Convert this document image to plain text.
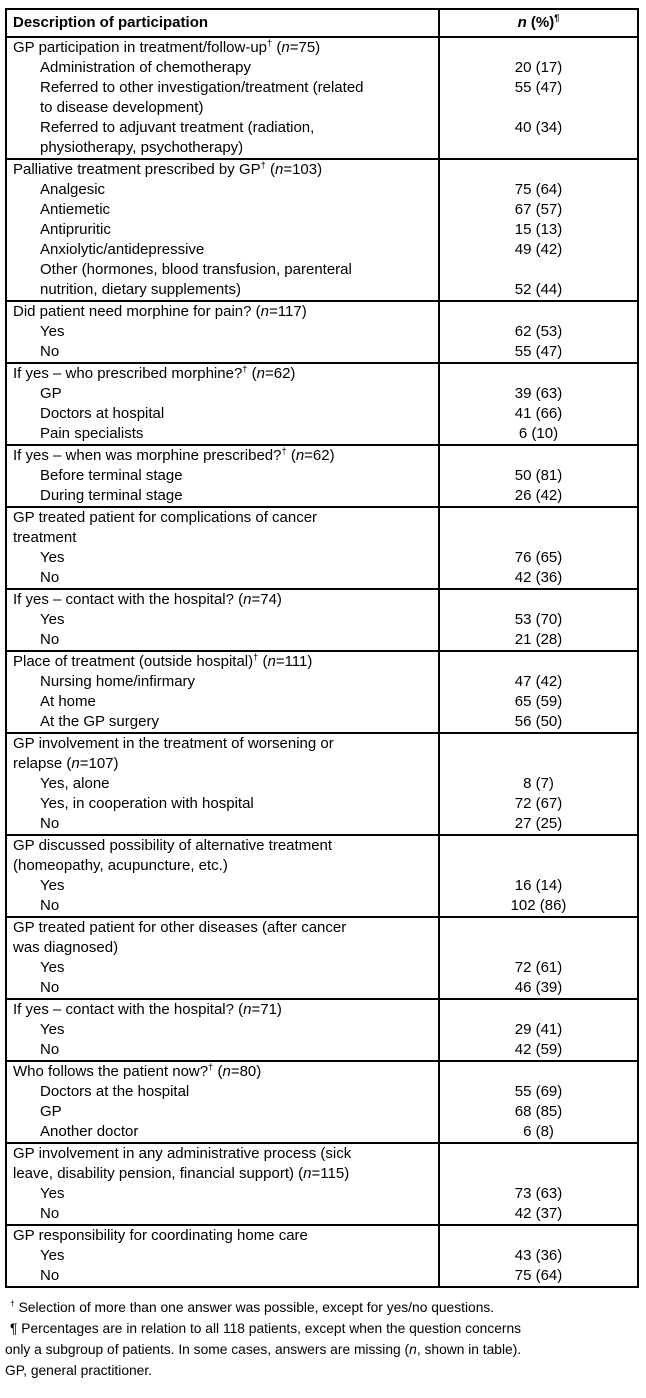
Description of participation	n (%)¶
GP participation in treatment/follow-up† (n=75)
Administration of chemotherapy	20 (17)
Referred to other investigation/treatment (related	55 (47)
to disease development)
Referred to adjuvant treatment (radiation,	40 (34)
physiotherapy, psychotherapy)
Palliative treatment prescribed by GP† (n=103)
Analgesic	75 (64)
Antiemetic	67 (57)
Antipruritic	15 (13)
Anxiolytic/antidepressive	49 (42)
Other (hormones, blood transfusion, parenteral
nutrition, dietary supplements)	52 (44)
Did patient need morphine for pain? (n=117)
Yes	62 (53)
No	55 (47)
If yes – who prescribed morphine?† (n=62)
GP	39 (63)
Doctors at hospital	41 (66)
Pain specialists	6 (10)
If yes – when was morphine prescribed?† (n=62)
Before terminal stage	50 (81)
During terminal stage	26 (42)
GP treated patient for complications of cancer
treatment
Yes	76 (65)
No	42 (36)
If yes – contact with the hospital? (n=74)
Yes	53 (70)
No	21 (28)
Place of treatment (outside hospital)† (n=111)
Nursing home/infirmary	47 (42)
At home	65 (59)
At the GP surgery	56 (50)
GP involvement in the treatment of worsening or
relapse (n=107)
Yes, alone	8 (7)
Yes, in cooperation with hospital	72 (67)
No	27 (25)
GP discussed possibility of alternative treatment
(homeopathy, acupuncture, etc.)
Yes	16 (14)
No	102 (86)
GP treated patient for other diseases (after cancer
was diagnosed)
Yes	72 (61)
No	46 (39)
If yes – contact with the hospital? (n=71)
Yes	29 (41)
No	42 (59)
Who follows the patient now?† (n=80)
Doctors at the hospital	55 (69)
GP	68 (85)
Another doctor	6 (8)
GP involvement in any administrative process (sick
leave, disability pension, financial support) (n=115)
Yes	73 (63)
No	42 (37)
GP responsibility for coordinating home care
Yes	43 (36)
No	75 (64)
† Selection of more than one answer was possible, except for yes/no questions.
¶ Percentages are in relation to all 118 patients, except when the question concerns
only a subgroup of patients. In some cases, answers are missing (n, shown in table).
GP, general practitioner.
